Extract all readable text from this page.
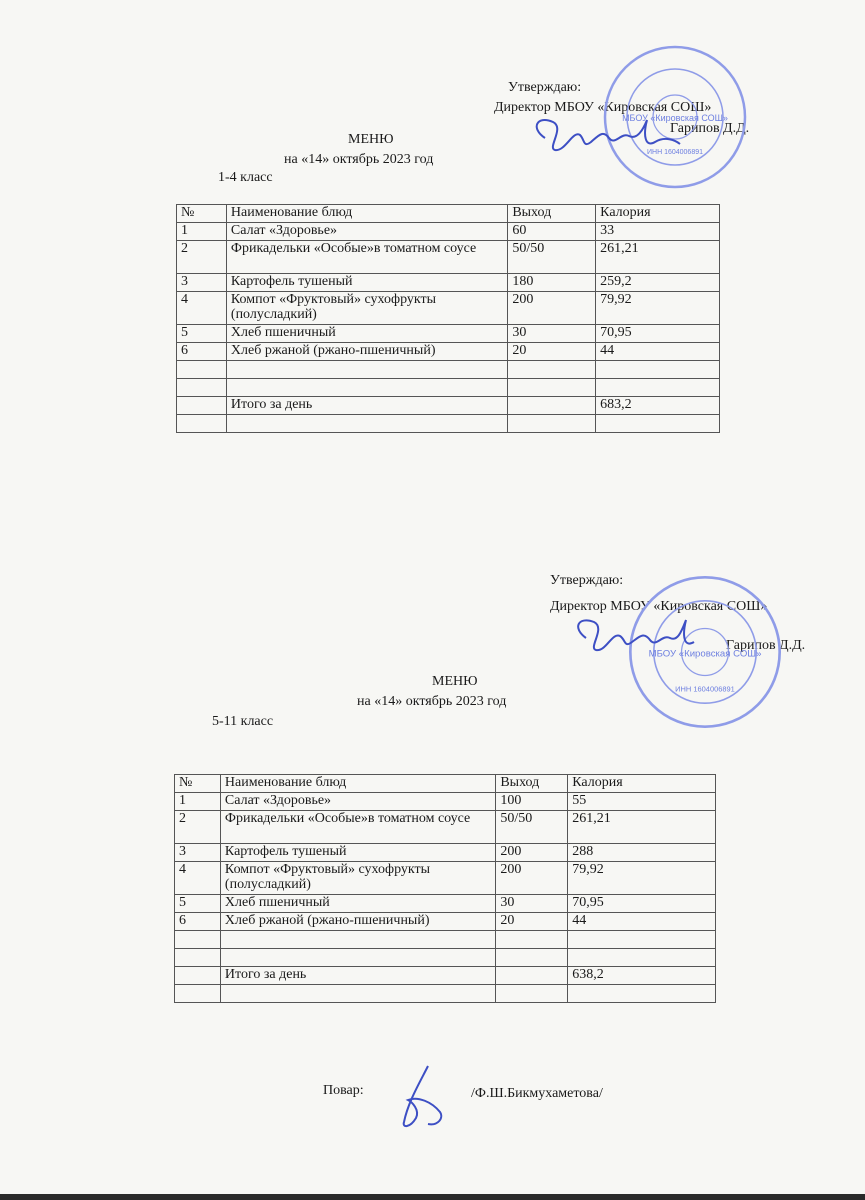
Утверждаю:
Директор МБОУ «Кировская СОШ»
Гарипов Д.Д.
МБОУ «Кировская СОШ»
ИНН 1604006891
МЕНЮ
на «14» октябрь 2023 год
1-4 класс
№	Наименование блюд	Выход	Калория
1	Салат «Здоровье»	60	33
2	Фрикадельки «Особые»в томатном соусе	50/50	261,21
3	Картофель тушеный	180	259,2
4	Компот «Фруктовый» сухофрукты (полусладкий)	200	79,92
5	Хлеб пшеничный	30	70,95
6	Хлеб ржаной (ржано-пшеничный)	20	44

	Итого за день		683,2

Утверждаю:
Директор МБОУ «Кировская СОШ»
Гарипов Д.Д.
МБОУ «Кировская СОШ»
ИНН 1604006891
МЕНЮ
на «14» октябрь 2023 год
5-11 класс
№	Наименование блюд	Выход	Калория
1	Салат «Здоровье»	100	55
2	Фрикадельки «Особые»в томатном соусе	50/50	261,21
3	Картофель тушеный	200	288
4	Компот «Фруктовый» сухофрукты (полусладкий)	200	79,92
5	Хлеб пшеничный	30	70,95
6	Хлеб ржаной (ржано-пшеничный)	20	44

	Итого за день		638,2

Повар:	/Ф.Ш.Бикмухаметова/
